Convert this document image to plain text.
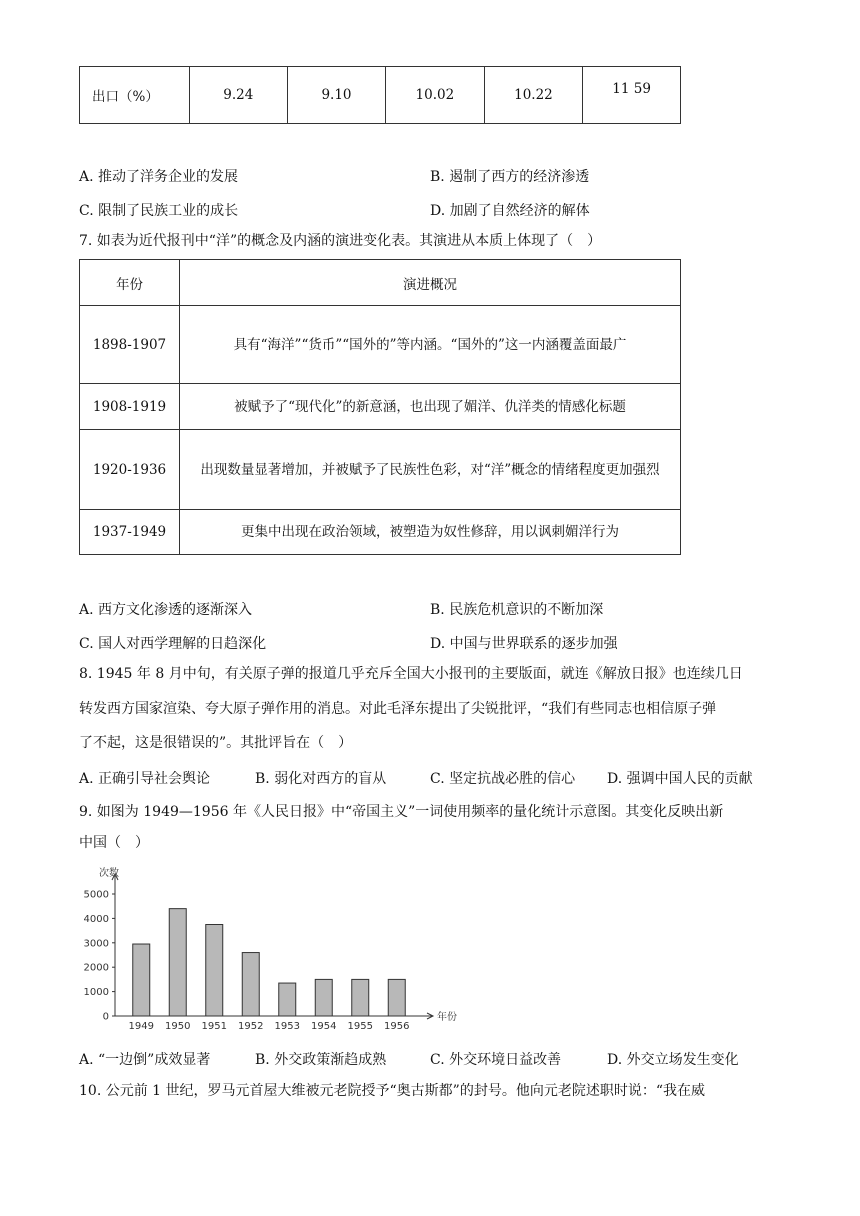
出口（%）	9.24	9.10	10.02	10.22	11 59
A. 推动了洋务企业的发展	B. 遏制了西方的经济渗透
C. 限制了民族工业的成长	D. 加剧了自然经济的解体
7. 如表为近代报刊中“洋”的概念及内涵的演进变化表。其演进从本质上体现了（　）
年份	演进概况
1898-1907	具有“海洋”“货币”“国外的”等内涵。“国外的”这一内涵覆盖面最广
1908-1919	被赋予了“现代化”的新意涵，也出现了媚洋、仇洋类的情感化标题
1920-1936	出现数量显著增加，并被赋予了民族性色彩，对“洋”概念的情绪程度更加强烈
1937-1949	更集中出现在政治领域，被塑造为奴性修辞，用以讽刺媚洋行为
A. 西方文化渗透的逐渐深入	B. 民族危机意识的不断加深
C. 国人对西学理解的日趋深化	D. 中国与世界联系的逐步加强
8. 1945 年 8 月中旬，有关原子弹的报道几乎充斥全国大小报刊的主要版面，就连《解放日报》也连续几日
转发西方国家渲染、夸大原子弹作用的消息。对此毛泽东提出了尖锐批评，“我们有些同志也相信原子弹
了不起，这是很错误的”。其批评旨在（　）
A. 正确引导社会舆论	B. 弱化对西方的盲从	C. 坚定抗战必胜的信心 D. 强调中国人民的贡献
9. 如图为 1949—1956 年《人民日报》中“帝国主义”一词使用频率的量化统计示意图。其变化反映出新
中国（　）
次数
年份
0
1000
2000
3000
4000
5000
1949 1950 1951 1952 1953 1954 1955 1956
A. “一边倒”成效显著	B. 外交政策渐趋成熟	C. 外交环境日益改善	D. 外交立场发生变化
10. 公元前 1 世纪，罗马元首屋大维被元老院授予“奥古斯都”的封号。他向元老院述职时说：“我在威
